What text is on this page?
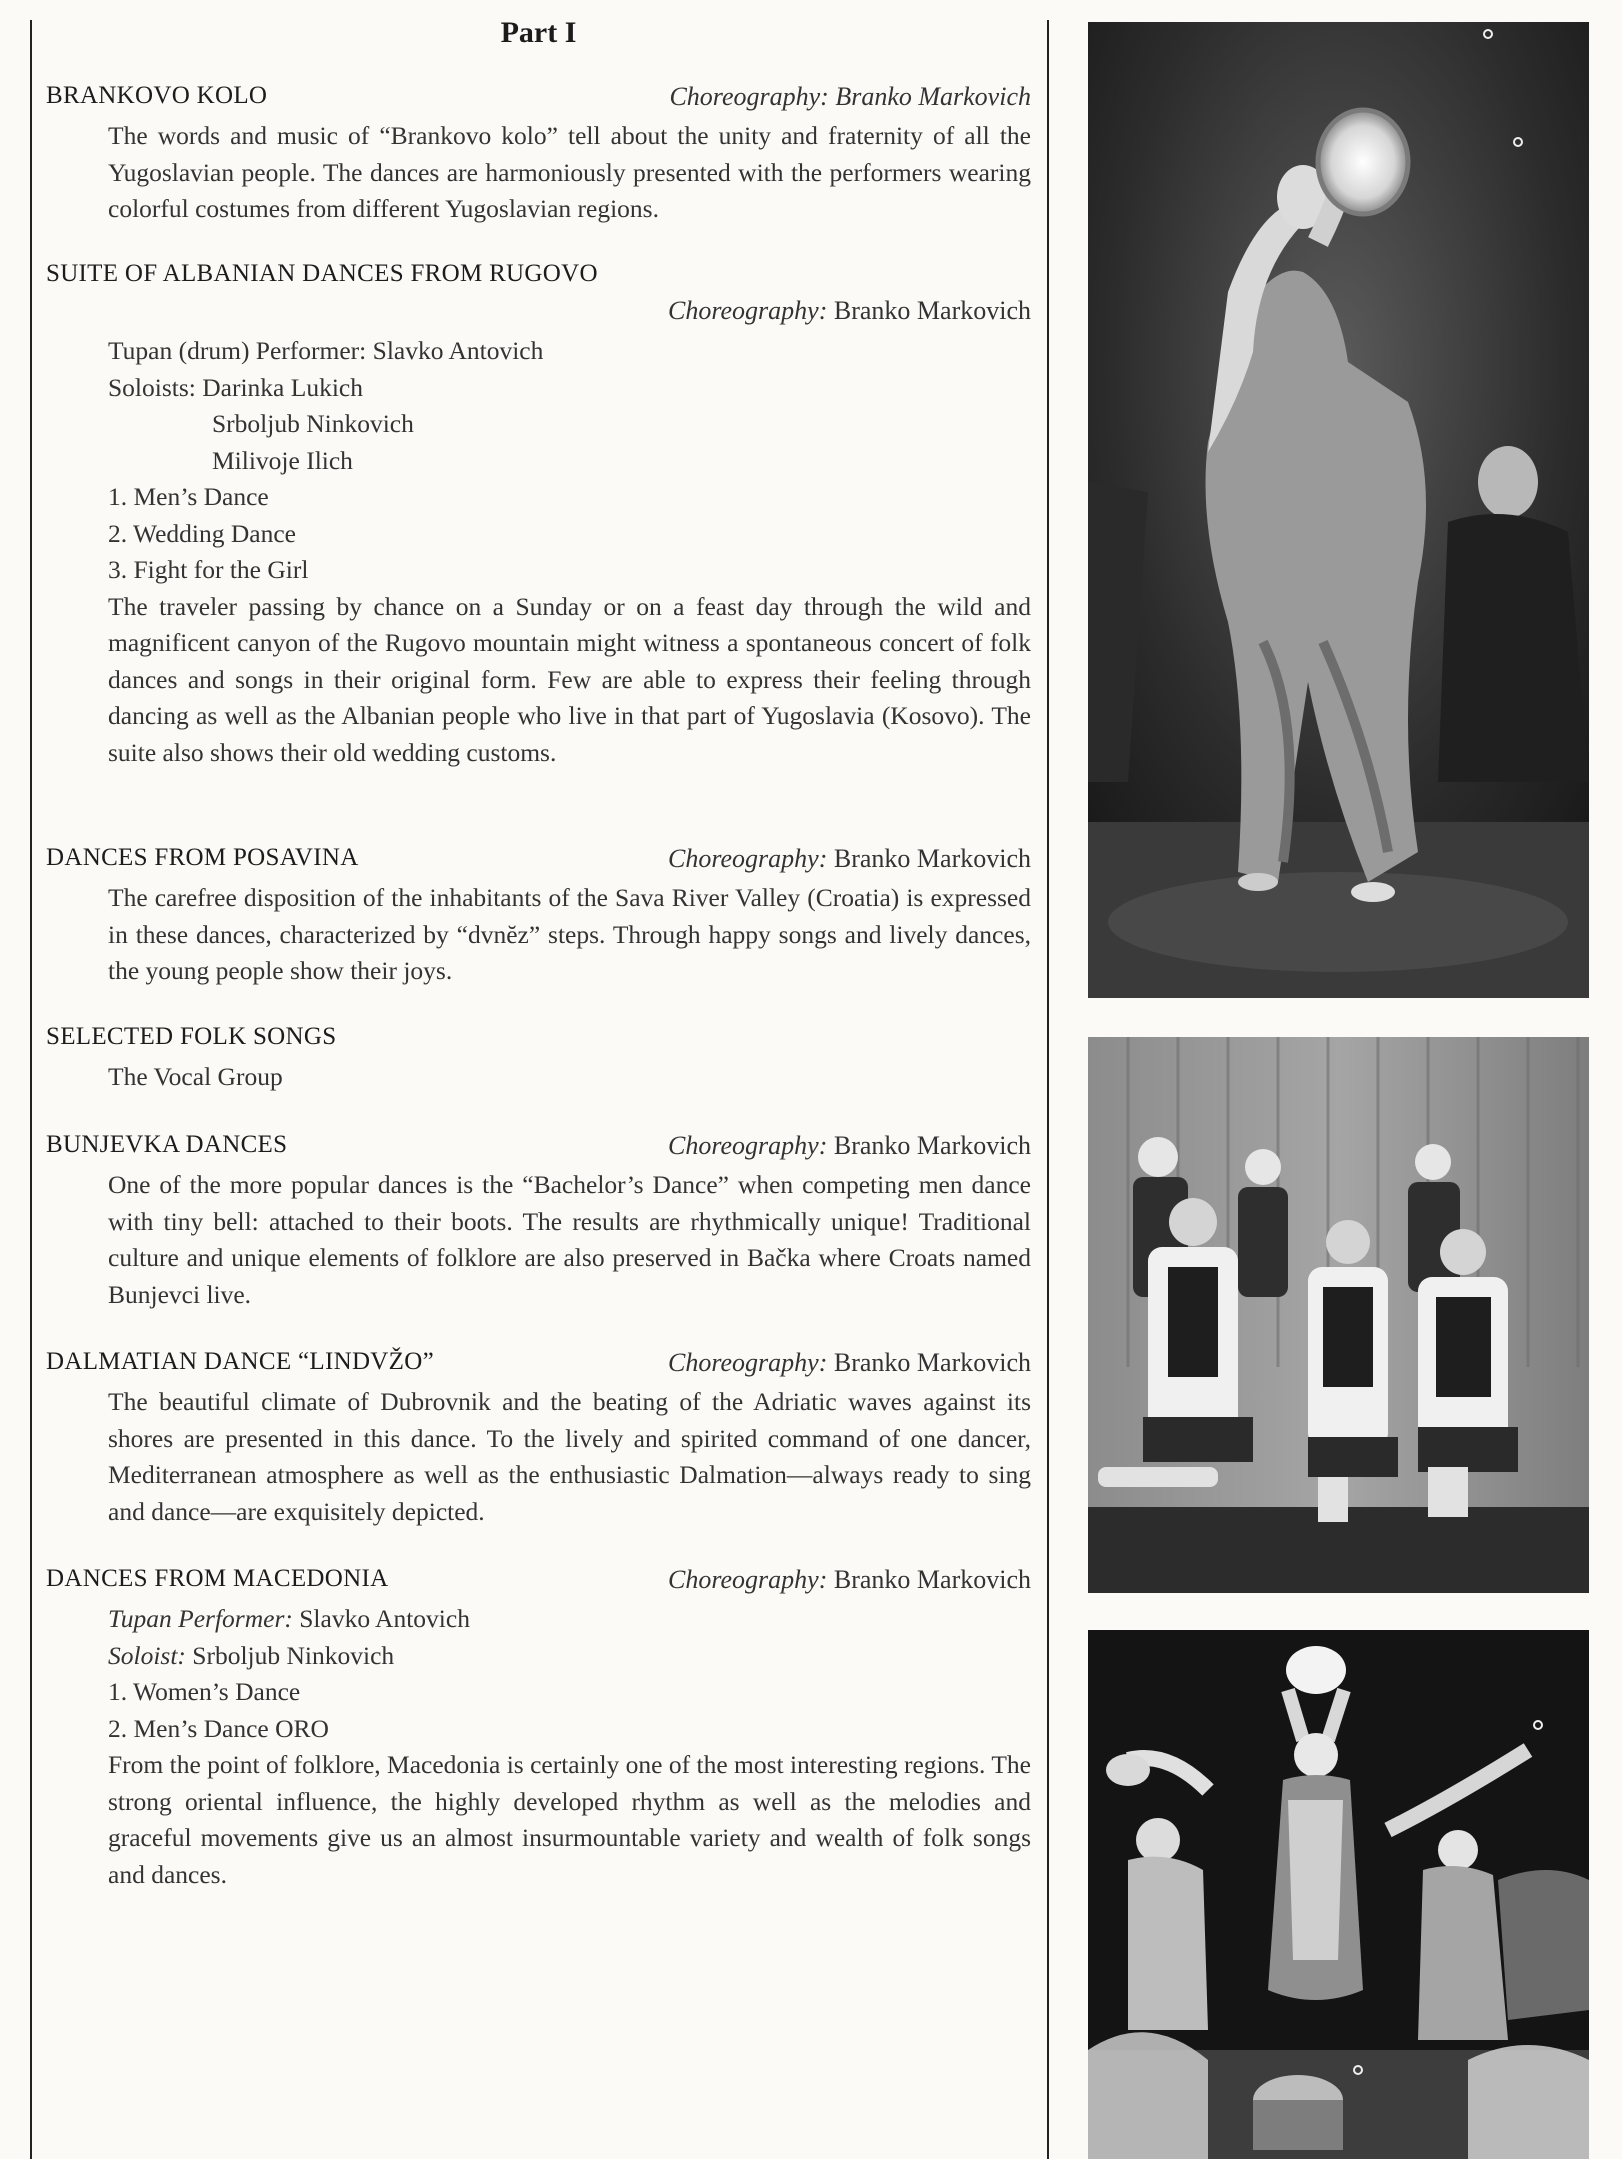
Part I
BRANKOVO KOLO	Choreography: Branko Markovich

The words and music of “Brankovo kolo” tell about the unity and fraternity of all the Yugoslavian people. The dances are harmoniously presented with the performers wearing colorful costumes from different Yugoslavian regions.

SUITE OF ALBANIAN DANCES FROM RUGOVO
Choreography: Branko Markovich
Tupan (drum) Performer: Slavko Antovich
Soloists: Darinka Lukich
Srboljub Ninkovich
Milivoje Ilich
1. Men’s Dance
2. Wedding Dance
3. Fight for the Girl

The traveler passing by chance on a Sunday or on a feast day through the wild and magnificent canyon of the Rugovo mountain might witness a spontaneous concert of folk dances and songs in their original form. Few are able to express their feeling through dancing as well as the Albanian people who live in that part of Yugoslavia (Kosovo). The suite also shows their old wedding customs.

DANCES FROM POSAVINA	Choreography: Branko Markovich

The carefree disposition of the inhabitants of the Sava River Valley (Croatia) is expressed in these dances, characterized by “dvnĕz” steps. Through happy songs and lively dances, the young people show their joys.

SELECTED FOLK SONGS
The Vocal Group
BUNJEVKA DANCES	Choreography: Branko Markovich

One of the more popular dances is the “Bachelor’s Dance” when competing men dance with tiny bell: attached to their boots. The results are rhythmically unique! Traditional culture and unique elements of folklore are also preserved in Bačka where Croats named Bunjevci live.

DALMATIAN DANCE “LINDVŽO”	Choreography: Branko Markovich

The beautiful climate of Dubrovnik and the beating of the Adriatic waves against its shores are presented in this dance. To the lively and spirited command of one dancer, Mediterranean atmosphere as well as the enthusiastic Dalmation—always ready to sing and dance—are exquisitely depicted.

DANCES FROM MACEDONIA	Choreography: Branko Markovich
Tupan Performer: Slavko Antovich
Soloist: Srboljub Ninkovich
1. Women’s Dance
2. Men’s Dance ORO

From the point of folklore, Macedonia is certainly one of the most interesting regions. The strong oriental influence, the highly developed rhythm as well as the melodies and graceful movements give us an almost insurmountable variety and wealth of folk songs and dances.
